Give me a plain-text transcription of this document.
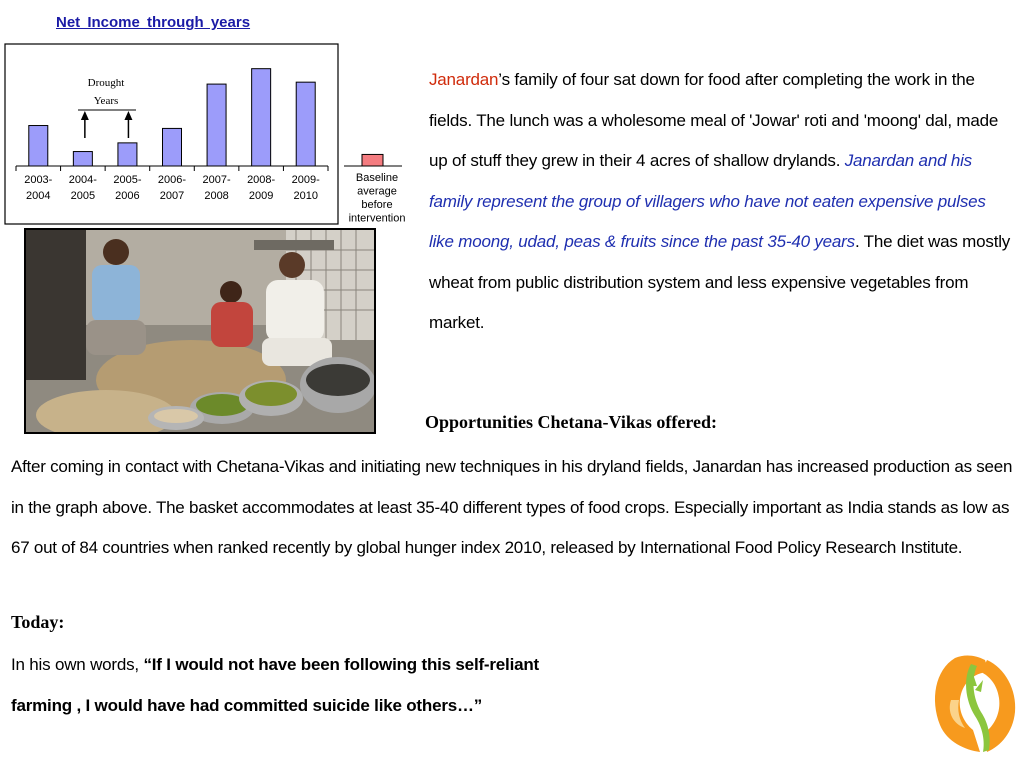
Net Income through years
2003-
2004
2004-
2005
2005-
2006
2006-
2007
2007-
2008
2008-
2009
2009-
2010
Drought
Years
Baseline
average
before
intervention
Janardan’s family of four sat down for food after completing the work in the fields. The lunch was a wholesome meal of 'Jowar' roti and 'moong' dal, made up of stuff they grew in their 4 acres of shallow drylands. Janardan and his family represent the group of villagers who have not eaten expensive pulses like moong, udad, peas & fruits since the past 35-40 years. The diet was mostly wheat from public distribution system and less expensive vegetables from market.
Opportunities Chetana-Vikas offered:
After coming in contact with Chetana-Vikas and initiating new techniques in his dryland fields, Janardan has increased production as seen in the graph above. The basket accommodates at least 35-40 different types of food crops. Especially important as India stands as low as 67 out of 84 countries when ranked recently by global hunger index 2010, released by International Food Policy Research Institute.
Today:
In his own words, “If I would not have been following this self-reliant
farming , I would have had committed suicide like others…”
